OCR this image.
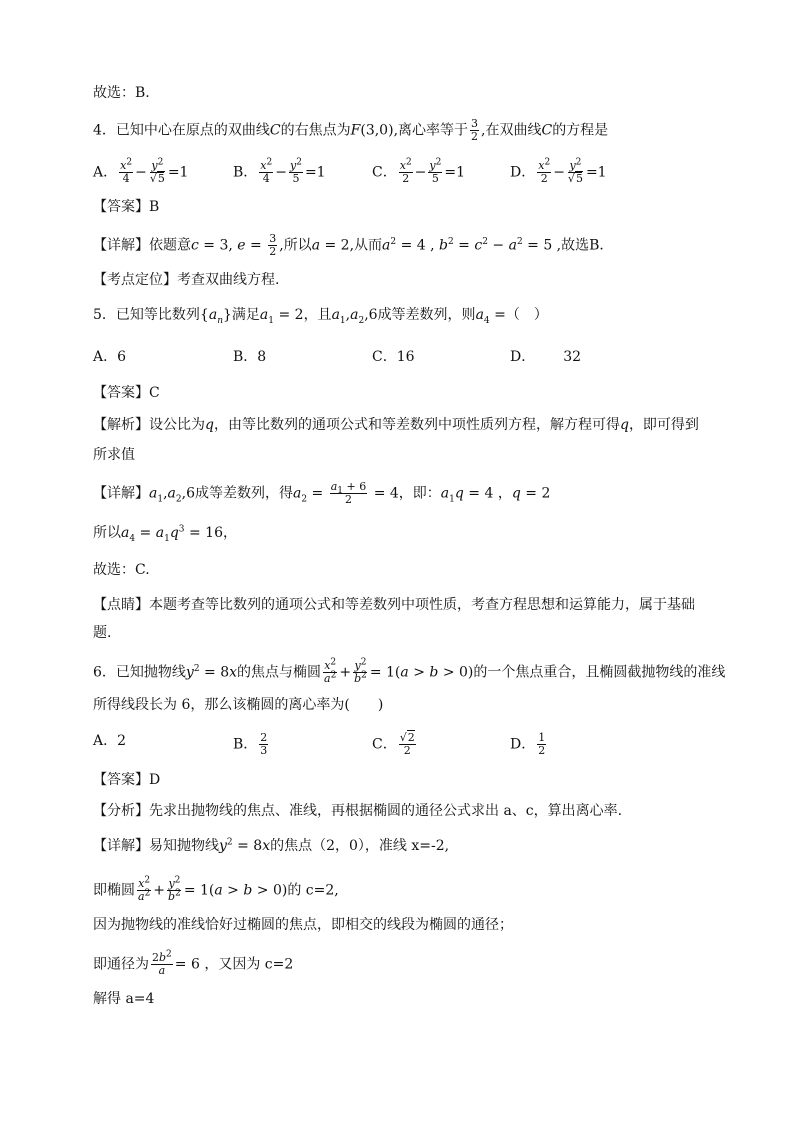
故选：B.
4．已知中心在原点的双曲线C的右焦点为F(3,0),离心率等于 $\frac{3}{2}$ ,在双曲线C的方程是
A． $\frac{x^2}{4} - \frac{y^2}{√5} =1$	B． $\frac{x^2}{4} - \frac{y^2}{5} =1$	C． $\frac{x^2}{2} - \frac{y^2}{5} =1$	D． $\frac{x^2}{2} - \frac{y^2}{√5} =1$
【答案】B
【详解】依题意c = 3, $e = \frac{3}{2}$ ,所以a = 2,从而$a^2 = 4$ , $b^2 = c^2 - a^2 = 5$ ,故选B．
【考点定位】考查双曲线方程.
5．已知等比数列$\{a_n\}$满足$a_1 = 2$，且$a_1,a_2,6$成等差数列，则$a_4$ =（　）
A．6	B．8	C．16	D． 32
【答案】C
【解析】设公比为q，由等比数列的通项公式和等差数列中项性质列方程，解方程可得q，即可得到
所求值
【详解】$a_1,a_2,6$成等差数列，得$a_2 = \frac{a_1 + 6}{2} = 4$，即：$a_1q = 4$ ，q = 2
所以$a_4 = a_1q^3 = 16$，
故选：C.
【点睛】本题考查等比数列的通项公式和等差数列中项性质，考查方程思想和运算能力，属于基础
题.
6．已知抛物线$y^2 = 8x$的焦点与椭圆 $\frac{x^2}{a^2} + \frac{y^2}{b^2} = 1(a > b > 0)$的一个焦点重合，且椭圆截抛物线的准线
所得线段长为 6，那么该椭圆的离心率为(　　)
A．2	B． $\frac{2}{3}$	C． $\frac{√2}{2}$	D． $\frac{1}{2}$
【答案】D
【分析】先求出抛物线的焦点、准线，再根据椭圆的通径公式求出 a、c，算出离心率.
【详解】易知抛物线$y^2 = 8x$的焦点（2，0），准线 x=-2,
即椭圆 $\frac{x^2}{a^2} + \frac{y^2}{b^2} = 1(a > b > 0)$的 c=2,
因为抛物线的准线恰好过椭圆的焦点，即相交的线段为椭圆的通径；
即通径为 $\frac{2b^2}{a} = 6$ ，又因为 c=2
解得 a=4
